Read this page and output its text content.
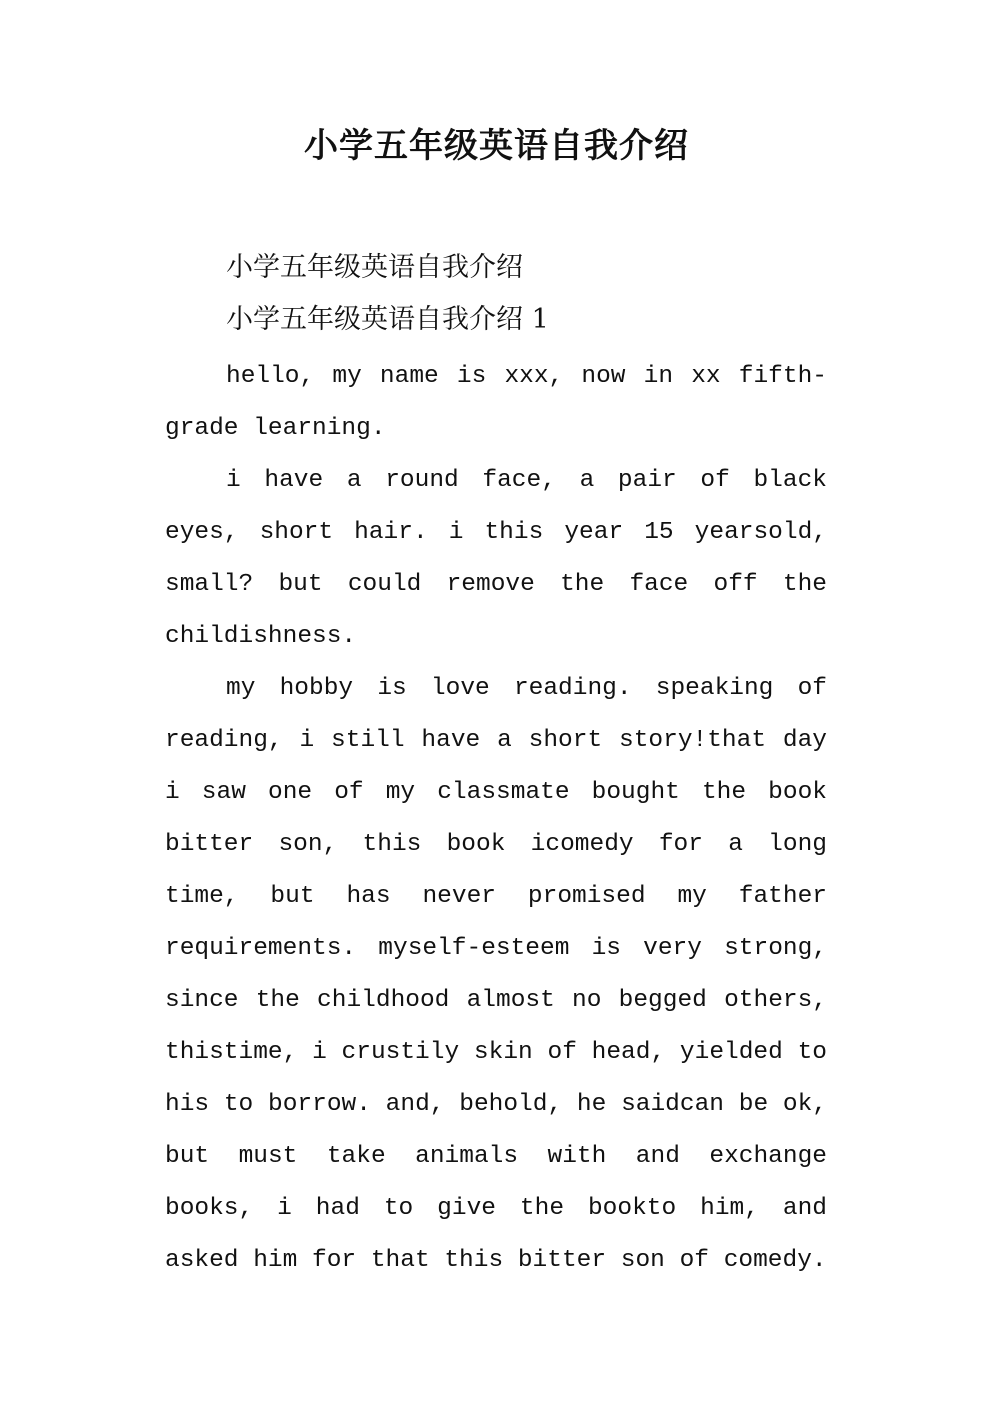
小学五年级英语自我介绍

小学五年级英语自我介绍

小学五年级英语自我介绍 1

hello, my name is xxx, now in xx fifth-grade learning.

i have a round face, a pair of black eyes, short hair. i this year 15 yearsold, small? but could remove the face off the childishness.

my hobby is love reading. speaking of reading, i still have a short story!that day i saw one of my classmate bought the book bitter son, this book icomedy for a long time, but has never promised my father requirements. myself-esteem is very strong, since the childhood almost no begged others, thistime, i crustily skin of head, yielded to his to borrow. and, behold, he saidcan be ok, but must take animals with and exchange books, i had to give the bookto him, and asked him for that this bitter son of comedy.
